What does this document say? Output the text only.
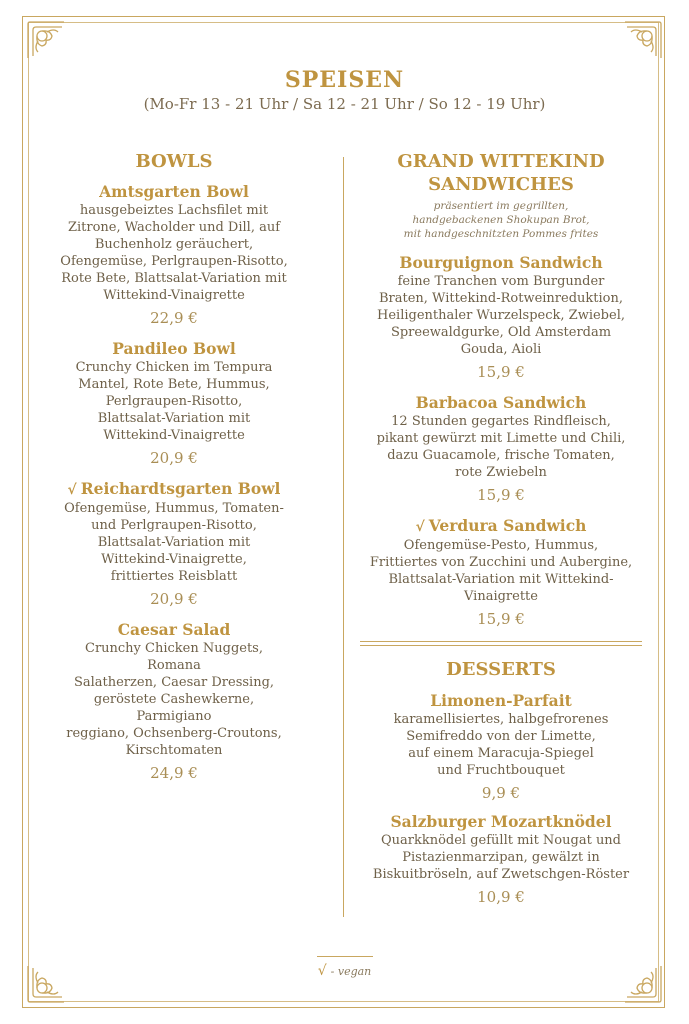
SPEISEN
(Mo-Fr 13 - 21 Uhr / Sa 12 - 21 Uhr / So 12 - 19 Uhr)
BOWLS
Amtsgarten Bowl
hausgebeiztes Lachsfilet mit
Zitrone, Wacholder und Dill, auf
Buchenholz geräuchert,
Ofengemüse, Perlgraupen-Risotto,
Rote Bete, Blattsalat-Variation mit
Wittekind-Vinaigrette
22,9 €
Pandileo Bowl
Crunchy Chicken im Tempura
Mantel, Rote Bete, Hummus,
Perlgraupen-Risotto,
Blattsalat-Variation mit
Wittekind-Vinaigrette
20,9 €
√ Reichardtsgarten Bowl
Ofengemüse, Hummus, Tomaten-
und Perlgraupen-Risotto,
Blattsalat-Variation mit
Wittekind-Vinaigrette,
frittiertes Reisblatt
20,9 €
Caesar Salad
Crunchy Chicken Nuggets, Romana
Salatherzen, Caesar Dressing,
geröstete Cashewkerne, Parmigiano
reggiano, Ochsenberg-Croutons,
Kirschtomaten
24,9 €
GRAND WITTEKIND
SANDWICHES
präsentiert im gegrillten,
handgebackenen Shokupan Brot,
mit handgeschnitzten Pommes frites
Bourguignon Sandwich
feine Tranchen vom Burgunder
Braten, Wittekind-Rotweinreduktion,
Heiligenthaler Wurzelspeck, Zwiebel,
Spreewaldgurke, Old Amsterdam
Gouda, Aioli
15,9 €
Barbacoa Sandwich
12 Stunden gegartes Rindfleisch,
pikant gewürzt mit Limette und Chili,
dazu Guacamole, frische Tomaten,
rote Zwiebeln
15,9 €
√ Verdura Sandwich
Ofengemüse-Pesto, Hummus,
Frittiertes von Zucchini und Aubergine,
Blattsalat-Variation mit Wittekind-
Vinaigrette
15,9 €
DESSERTS
Limonen-Parfait
karamellisiertes, halbgefrorenes
Semifreddo von der Limette,
auf einem Maracuja-Spiegel
und Fruchtbouquet
9,9 €
Salzburger Mozartknödel
Quarkknödel gefüllt mit Nougat und
Pistazienmarzipan, gewälzt in
Biskuitbröseln, auf Zwetschgen-Röster
10,9 €
√ - vegan
